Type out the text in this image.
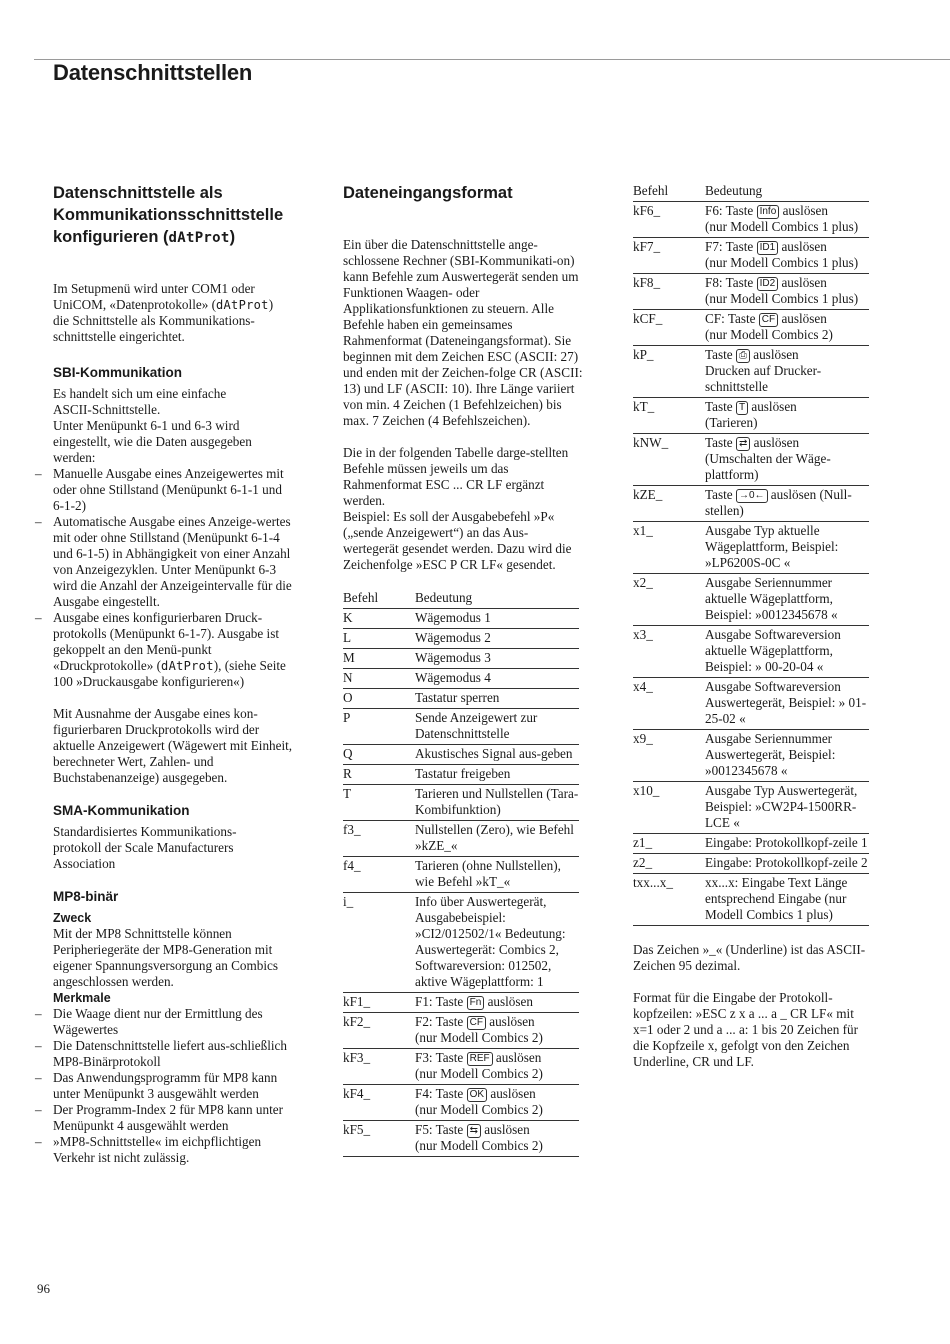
Datenschnittstellen
Datenschnittstelle als
Kommunikationsschnittstelle
konfigurieren (dAtProt)

Im Setupmenü wird unter COM1 oder UniCOM, «Datenprotokolle» (dAtProt) die Schnittstelle als Kommunikations-schnittstelle eingerichtet.

SBI-Kommunikation

Es handelt sich um eine einfache ASCII-Schnittstelle.

Unter Menüpunkt 6-1 und 6-3 wird eingestellt, wie die Daten ausgegeben werden:

– Manuelle Ausgabe eines Anzeigewertes mit oder ohne Stillstand (Menüpunkt 6-1-1 und 6-1-2)
– Automatische Ausgabe eines Anzeige-wertes mit oder ohne Stillstand (Menüpunkt 6-1-4 und 6-1-5) in Abhängigkeit von einer Anzahl von Anzeigezyklen. Unter Menüpunkt 6-3 wird die Anzahl der Anzeigeintervalle für die Ausgabe eingestellt.
– Ausgabe eines konfigurierbaren Druck-protokolls (Menüpunkt 6-1-7). Ausgabe ist gekoppelt an den Menü-punkt «Druckprotokolle» (dAtProt), (siehe Seite 100 »Druckausgabe konfigurieren«)

Mit Ausnahme der Ausgabe eines kon-figurierbaren Druckprotokolls wird der aktuelle Anzeigewert (Wägewert mit Einheit, berechneter Wert, Zahlen- und Buchstabenanzeige) ausgegeben.

SMA-Kommunikation

Standardisiertes Kommunikations-protokoll der Scale Manufacturers Association

MP8-binär
Zweck

Mit der MP8 Schnittstelle können Peripheriegeräte der MP8-Generation mit eigener Spannungsversorgung an Combics angeschlossen werden.

Merkmale
– Die Waage dient nur der Ermittlung des Wägewertes
– Die Datenschnittstelle liefert aus-schließlich MP8-Binärprotokoll
– Das Anwendungsprogramm für MP8 kann unter Menüpunkt 3 ausgewählt werden
– Der Programm-Index 2 für MP8 kann unter Menüpunkt 4 ausgewählt werden
– »MP8-Schnittstelle« im eichpflichtigen Verkehr ist nicht zulässig.
Dateneingangsformat

Ein über die Datenschnittstelle ange-schlossene Rechner (SBI-Kommunikati-on) kann Befehle zum Auswertegerät senden um Funktionen Waagen- oder Applikationsfunktionen zu steuern. Alle Befehle haben ein gemeinsames Rahmenformat (Dateneingangsformat). Sie beginnen mit dem Zeichen ESC (ASCII: 27) und enden mit der Zeichen-folge CR (ASCII: 13) und LF (ASCII: 10). Ihre Länge variiert von min. 4 Zeichen (1 Befehlzeichen) bis max. 7 Zeichen (4 Befehlszeichen).

Die in der folgenden Tabelle darge-stellten Befehle müssen jeweils um das Rahmenformat ESC ... CR LF ergänzt werden.

Beispiel: Es soll der Ausgabebefehl »P« („sende Anzeigewert“) an das Aus-wertegerät gesendet werden. Dazu wird die Zeichenfolge »ESC P CR LF« gesendet.

Befehl	Bedeutung
K	Wägemodus 1
L	Wägemodus 2
M	Wägemodus 3
N	Wägemodus 4
O	Tastatur sperren
P	Sende Anzeigewert zur Datenschnittstelle
Q	Akustisches Signal aus-geben
R	Tastatur freigeben
T	Tarieren und Nullstellen (Tara-Kombifunktion)
f3_	Nullstellen (Zero), wie Befehl »kZE_«
f4_	Tarieren (ohne Nullstellen), wie Befehl »kT_«
i_	Info über Auswertegerät, Ausgabebeispiel: »CI2/012502/1« Bedeutung: Auswertegerät: Combics 2, Softwareversion: 012502, aktive Wägeplattform: 1
kF1_	F1: Taste Fn auslösen
kF2_	F2: Taste CF auslösen
(nur Modell Combics 2)
kF3_	F3: Taste REF auslösen
(nur Modell Combics 2)
kF4_	F4: Taste OK auslösen
(nur Modell Combics 2)
kF5_	F5: Taste ⇆ auslösen
(nur Modell Combics 2)
Befehl	Bedeutung
kF6_	F6: Taste Info auslösen
(nur Modell Combics 1 plus)
kF7_	F7: Taste ID1 auslösen
(nur Modell Combics 1 plus)
kF8_	F8: Taste ID2 auslösen
(nur Modell Combics 1 plus)
kCF_	CF: Taste CF auslösen
(nur Modell Combics 2)
kP_	Taste ⎙ auslösen
Drucken auf Drucker-schnittstelle
kT_	Taste T auslösen
(Tarieren)
kNW_	Taste ⇄ auslösen
(Umschalten der Wäge-plattform)
kZE_	Taste →0← auslösen (Null-stellen)
x1_	Ausgabe Typ aktuelle Wägeplattform, Beispiel: »LP6200S-0C «
x2_	Ausgabe Seriennummer aktuelle Wägeplattform, Beispiel: »0012345678 «
x3_	Ausgabe Softwareversion aktuelle Wägeplattform, Beispiel: » 00-20-04 «
x4_	Ausgabe Softwareversion Auswertegerät, Beispiel: » 01-25-02 «
x9_	Ausgabe Seriennummer Auswertegerät, Beispiel: »0012345678 «
x10_	Ausgabe Typ Auswertegerät, Beispiel: »CW2P4-1500RR-LCE «
z1_	Eingabe: Protokollkopf-zeile 1
z2_	Eingabe: Protokollkopf-zeile 2
txx...x_	xx...x: Eingabe Text Länge entsprechend Eingabe (nur Modell Combics 1 plus)

Das Zeichen »_« (Underline) ist das ASCII-Zeichen 95 dezimal.

Format für die Eingabe der Protokoll-kopfzeilen: »ESC z x a ... a _ CR LF« mit x=1 oder 2 und a ... a: 1 bis 20 Zeichen für die Kopfzeile x, gefolgt von den Zeichen Underline, CR und LF.

96
